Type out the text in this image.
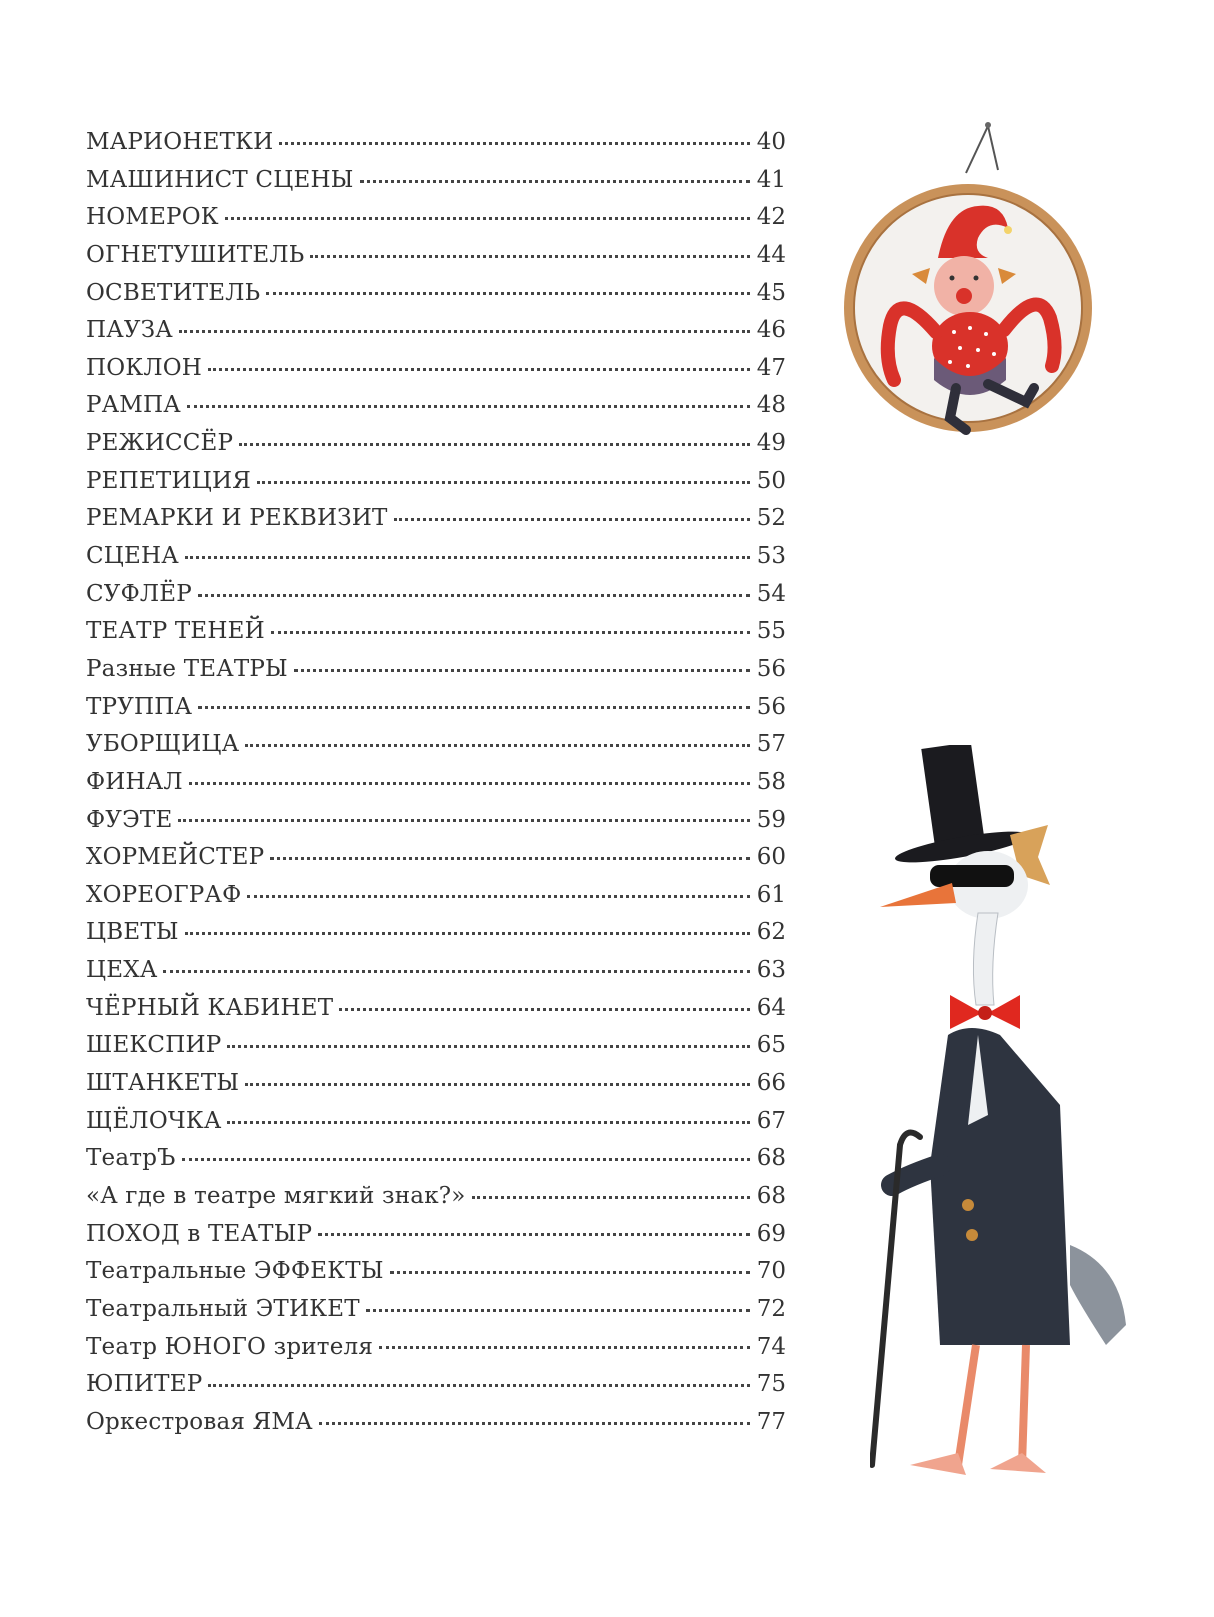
МАРИОНЕТКИ	40
МАШИНИСТ СЦЕНЫ	41
НОМЕРОК	42
ОГНЕТУШИТЕЛЬ	44
ОСВЕТИТЕЛЬ	45
ПАУЗА	46
ПОКЛОН	47
РАМПА	48
РЕЖИССЁР	49
РЕПЕТИЦИЯ	50
РЕМАРКИ И РЕКВИЗИТ	52
СЦЕНА	53
СУФЛЁР	54
ТЕАТР ТЕНЕЙ	55
Разные ТЕАТРЫ	56
ТРУППА	56
УБОРЩИЦА	57
ФИНАЛ	58
ФУЭТЕ	59
ХОРМЕЙСТЕР	60
ХОРЕОГРАФ	61
ЦВЕТЫ	62
ЦЕХА	63
ЧЁРНЫЙ КАБИНЕТ	64
ШЕКСПИР	65
ШТАНКЕТЫ	66
ЩЁЛОЧКА	67
ТеатрЪ	68
«А где в театре мягкий знак?»	68
ПОХОД в ТЕАТЫР	69
Театральные ЭФФЕКТЫ	70
Театральный ЭТИКЕТ	72
Театр ЮНОГО зрителя	74
ЮПИТЕР	75
Оркестровая ЯМА	77
